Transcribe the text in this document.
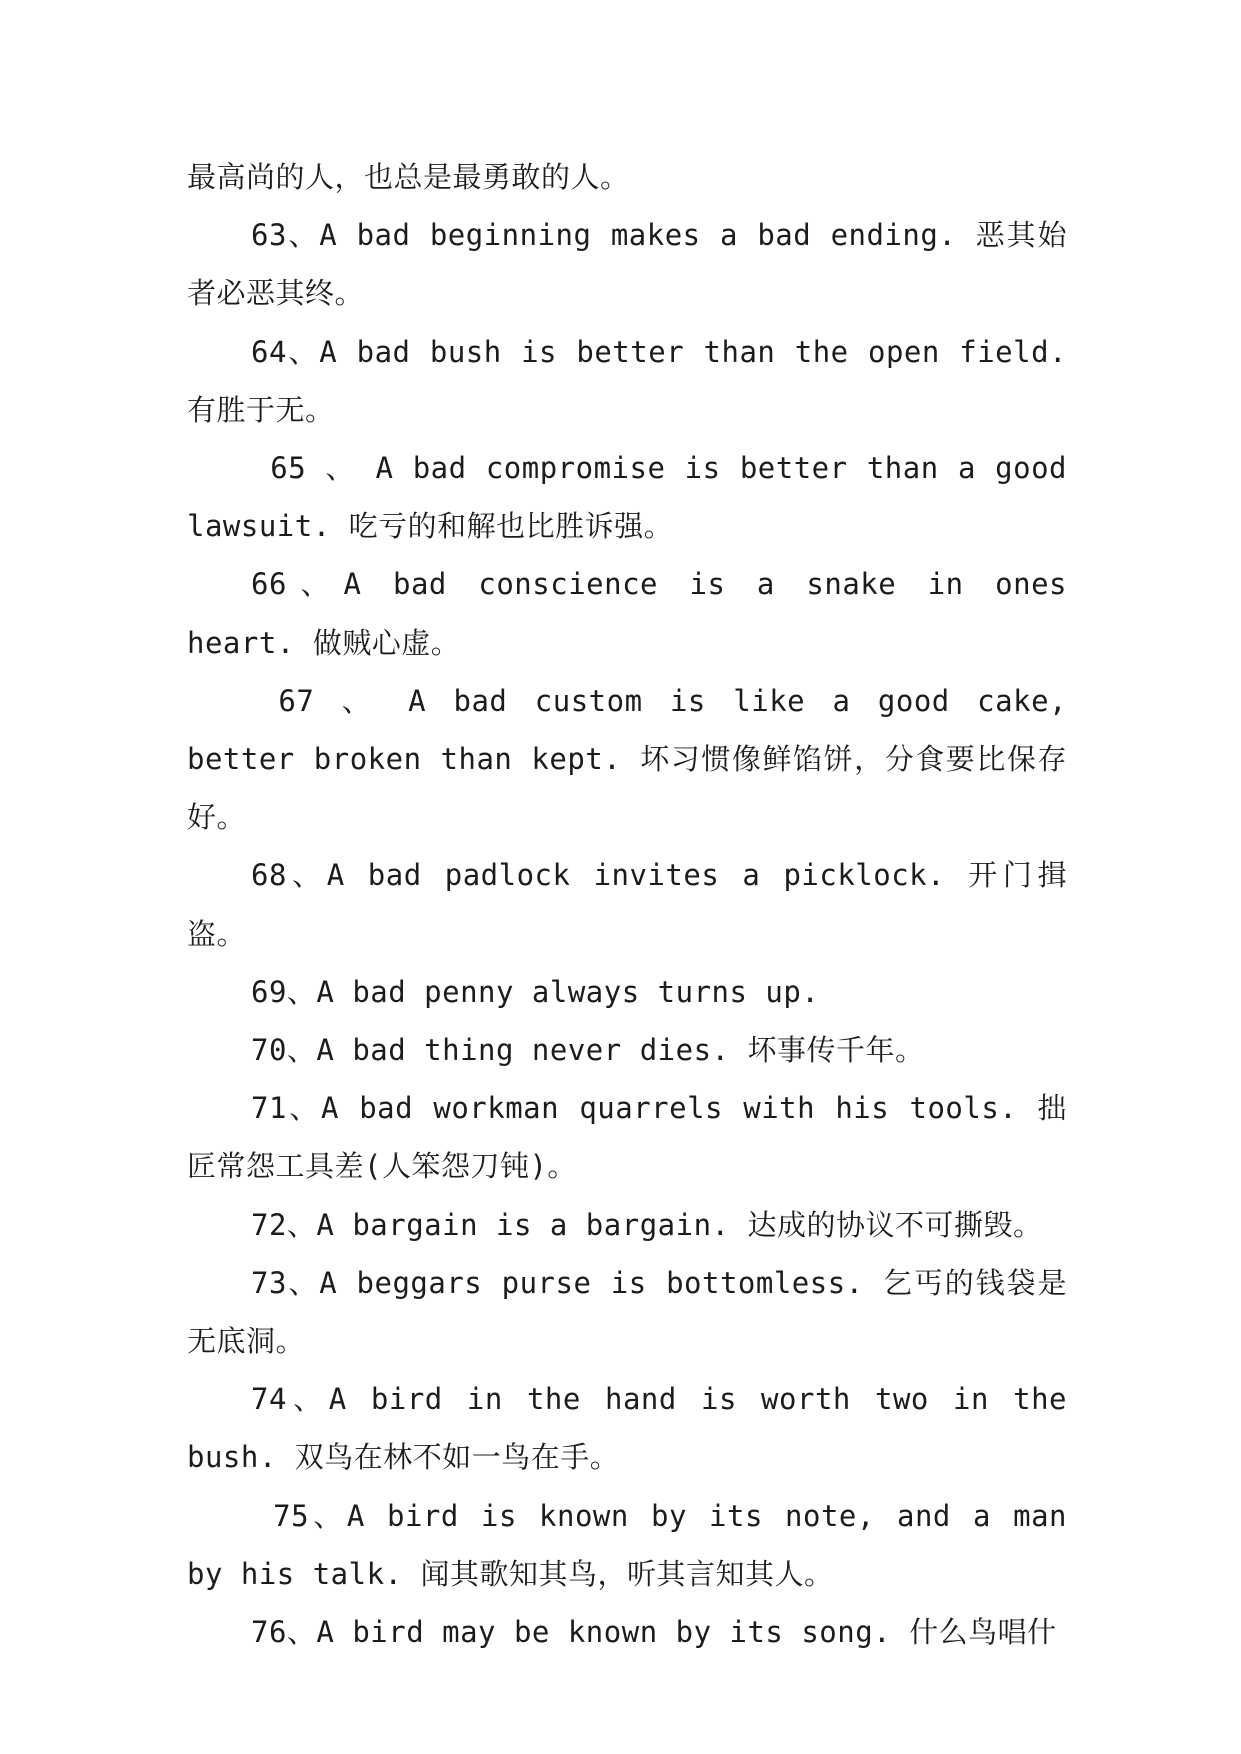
最高尚的人，也总是最勇敢的人。

63、A bad beginning makes a bad ending. 恶其始者必恶其终。

64、A bad bush is better than the open field. 有胜于无。

65 、 A bad compromise is better than a good lawsuit. 吃亏的和解也比胜诉强。

66、A bad conscience is a snake in ones heart. 做贼心虚。

67 、 A bad custom is like a good cake, better broken than kept. 坏习惯像鲜馅饼，分食要比保存好。

68、A bad padlock invites a picklock. 开门揖盗。

69、A bad penny always turns up.

70、A bad thing never dies. 坏事传千年。

71、A bad workman quarrels with his tools. 拙匠常怨工具差(人笨怨刀钝)。

72、A bargain is a bargain. 达成的协议不可撕毁。

73、A beggars purse is bottomless. 乞丐的钱袋是无底洞。

74、A bird in the hand is worth two in the bush. 双鸟在林不如一鸟在手。

75、A bird is known by its note, and a man by his talk. 闻其歌知其鸟，听其言知其人。

76、A bird may be known by its song. 什么鸟唱什
